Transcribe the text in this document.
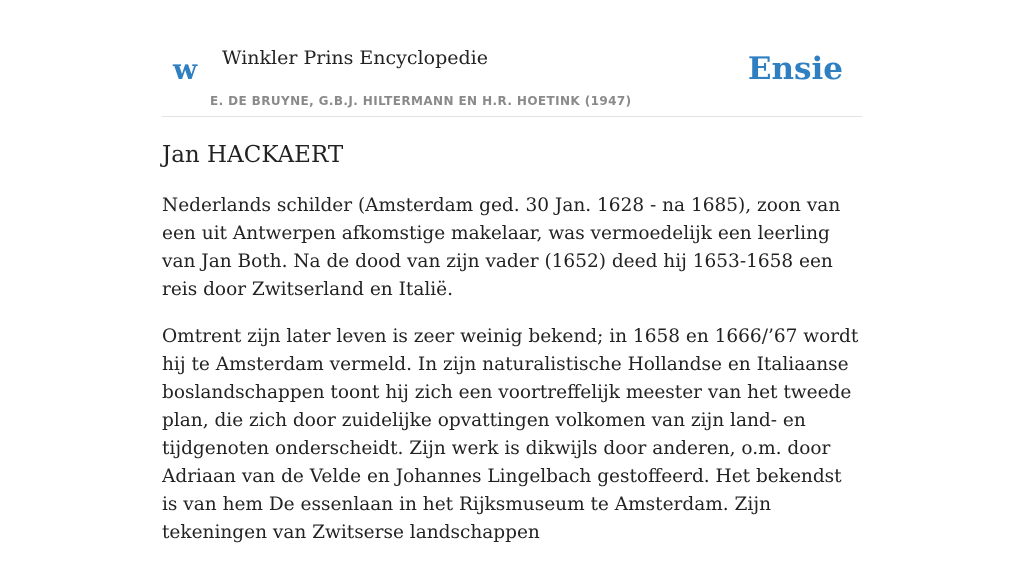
w Winkler Prins Encyclopedie
E. DE BRUYNE, G.B.J. HILTERMANN EN H.R. HOETINK (1947)
Ensie
Jan HACKAERT

Nederlands schilder (Amsterdam ged. 30 Jan. 1628 - na 1685), zoon van een uit Antwerpen afkomstige makelaar, was vermoedelijk een leerling van Jan Both. Na de dood van zijn vader (1652) deed hij 1653-1658 een reis door Zwitserland en Italië.

Omtrent zijn later leven is zeer weinig bekend; in 1658 en 1666/’67 wordt hij te Amsterdam vermeld. In zijn naturalistische Hollandse en Italiaanse boslandschappen toont hij zich een voortreffelijk meester van het tweede plan, die zich door zuidelijke opvattingen volkomen van zijn land- en tijdgenoten onderscheidt. Zijn werk is dikwijls door anderen, o.m. door Adriaan van de Velde en Johannes Lingelbach gestoffeerd. Het bekendst is van hem De essenlaan in het Rijksmuseum te Amsterdam. Zijn tekeningen van Zwitserse landschappen
